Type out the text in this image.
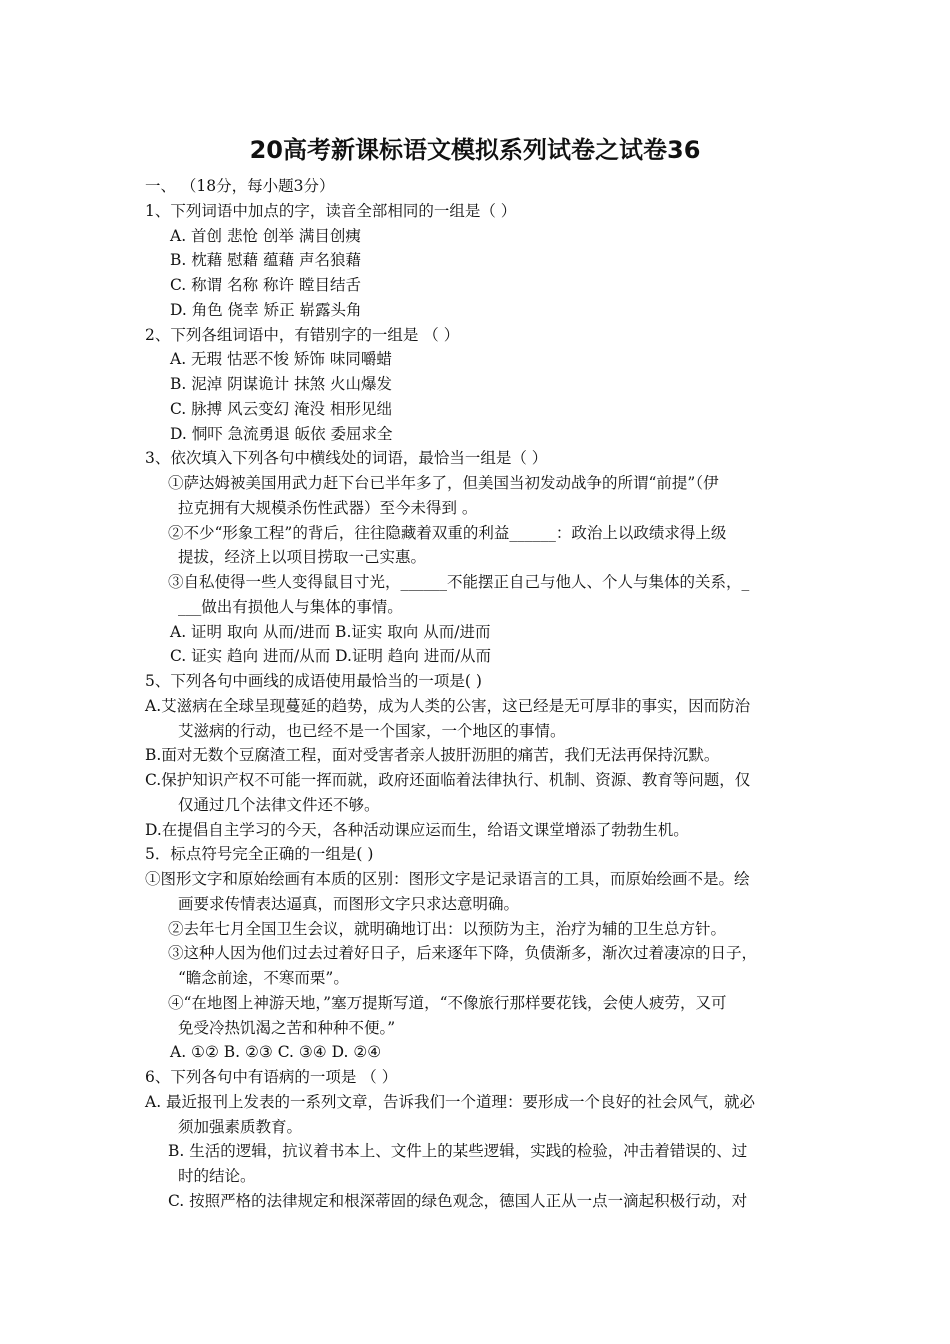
20高考新课标语文模拟系列试卷之试卷36
一、 （18分，每小题3分）
1、下列词语中加点的字，读音全部相同的一组是（ ）
A. 首创 悲怆 创举 满目创痍
B. 枕藉 慰藉 蕴藉 声名狼藉
C. 称谓 名称 称许 瞠目结舌
D. 角色 侥幸 矫正 崭露头角
2、下列各组词语中，有错别字的一组是 （ ）
A. 无瑕 怙恶不悛 矫饰 味同嚼蜡
B. 泥淖 阴谋诡计 抹煞 火山爆发
C. 脉搏 风云变幻 淹没 相形见绌
D. 恫吓 急流勇退 皈依 委屈求全
3、依次填入下列各句中横线处的词语，最恰当一组是（ ）
①萨达姆被美国用武力赶下台已半年多了，但美国当初发动战争的所谓“前提”（伊
拉克拥有大规模杀伤性武器）至今未得到 。
②不少“形象工程”的背后，往往隐藏着双重的利益______：政治上以政绩求得上级
提拔，经济上以项目捞取一己实惠。
③自私使得一些人变得鼠目寸光，______不能摆正自己与他人、个人与集体的关系，_
___做出有损他人与集体的事情。
A. 证明 取向 从而/进而 B.证实 取向 从而/进而
C. 证实 趋向 进而/从而 D.证明 趋向 进而/从而
5、下列各句中画线的成语使用最恰当的一项是( )
A.艾滋病在全球呈现蔓延的趋势，成为人类的公害，这已经是无可厚非的事实，因而防治
艾滋病的行动，也已经不是一个国家，一个地区的事情。
B.面对无数个豆腐渣工程，面对受害者亲人披肝沥胆的痛苦，我们无法再保持沉默。
C.保护知识产权不可能一挥而就，政府还面临着法律执行、机制、资源、教育等问题，仅
仅通过几个法律文件还不够。
D.在提倡自主学习的今天，各种活动课应运而生，给语文课堂增添了勃勃生机。
5．标点符号完全正确的一组是( )
①图形文字和原始绘画有本质的区别：图形文字是记录语言的工具，而原始绘画不是。绘
画要求传情表达逼真，而图形文字只求达意明确。
②去年七月全国卫生会议，就明确地订出：以预防为主，治疗为辅的卫生总方针。
③这种人因为他们过去过着好日子，后来逐年下降，负债渐多，渐次过着凄凉的日子，
“瞻念前途，不寒而栗”。
④“在地图上神游天地，”塞万提斯写道，“不像旅行那样要花钱，会使人疲劳，又可
免受冷热饥渴之苦和种种不便。”
A. ①② B. ②③ C. ③④ D. ②④
6、下列各句中有语病的一项是 （ ）
A. 最近报刊上发表的一系列文章，告诉我们一个道理：要形成一个良好的社会风气，就必
须加强素质教育。
B. 生活的逻辑，抗议着书本上、文件上的某些逻辑，实践的检验，冲击着错误的、过
时的结论。
C. 按照严格的法律规定和根深蒂固的绿色观念，德国人正从一点一滴起积极行动，对
